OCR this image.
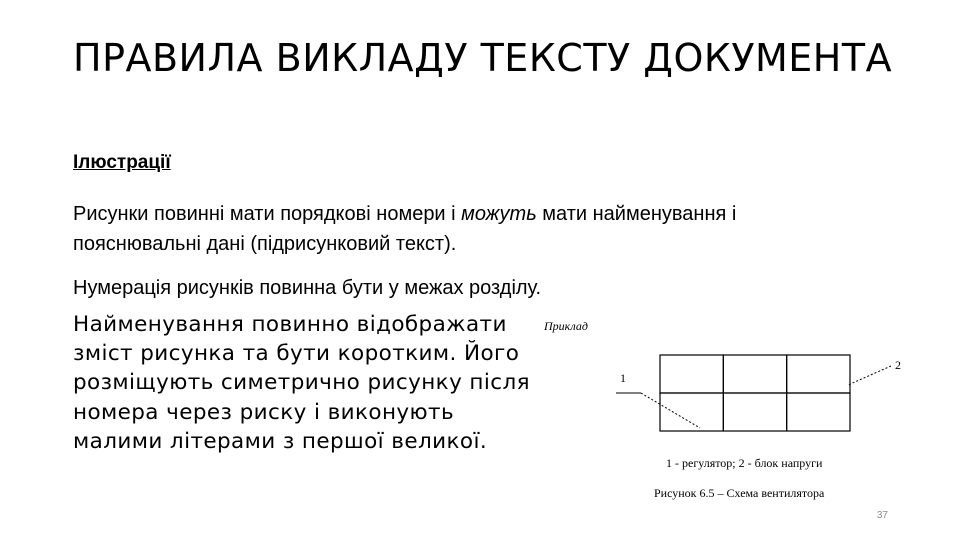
ПРАВИЛА ВИКЛАДУ ТЕКСТУ ДОКУМЕНТА
Ілюстрації

Рисунки повинні мати порядкові номери і можуть мати найменування і пояснювальні дані (підрисунковий текст).

Нумерація рисунків повинна бути у межах розділу.

Найменування повинно відображати зміст рисунка та бути коротким. Його розміщують симетрично рисунку після номера через риску і виконують малими літерами з першої великої.

Приклад
1
2
1 - регулятор; 2 - блок напруги
Рисунок 6.5 – Схема вентилятора
37
